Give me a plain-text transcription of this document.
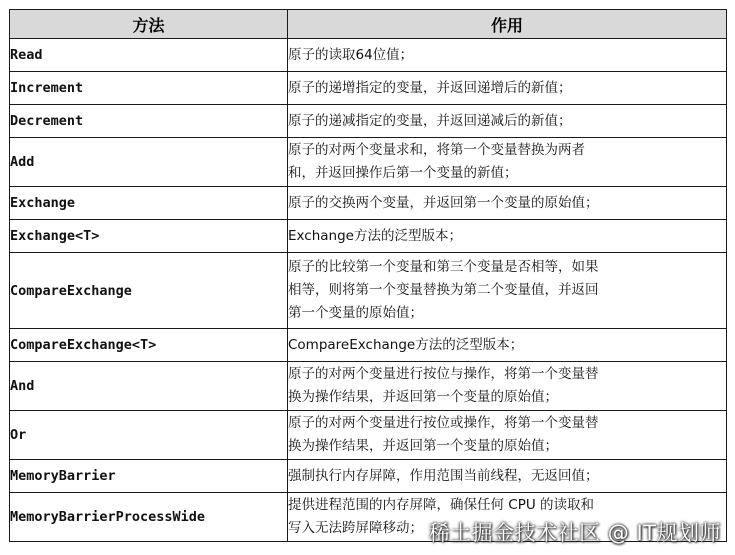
方法	作用
Read	原子的读取64位值；
Increment	原子的递增指定的变量，并返回递增后的新值；
Decrement	原子的递减指定的变量，并返回递减后的新值；
Add	原子的对两个变量求和，将第一个变量替换为两者
和，并返回操作后第一个变量的新值；
Exchange	原子的交换两个变量，并返回第一个变量的原始值；
Exchange<T>	Exchange方法的泛型版本；
CompareExchange	原子的比较第一个变量和第三个变量是否相等，如果
相等，则将第一个变量替换为第二个变量值，并返回
第一个变量的原始值；
CompareExchange<T>	CompareExchange方法的泛型版本；
And	原子的对两个变量进行按位与操作，将第一个变量替
换为操作结果，并返回第一个变量的原始值；
Or	原子的对两个变量进行按位或操作，将第一个变量替
换为操作结果，并返回第一个变量的原始值；
MemoryBarrier	强制执行内存屏障，作用范围当前线程，无返回值；
MemoryBarrierProcessWide	提供进程范围的内存屏障，确保任何 CPU 的读取和
写入无法跨屏障移动； 稀土掘金技术社区 @ IT规划师
